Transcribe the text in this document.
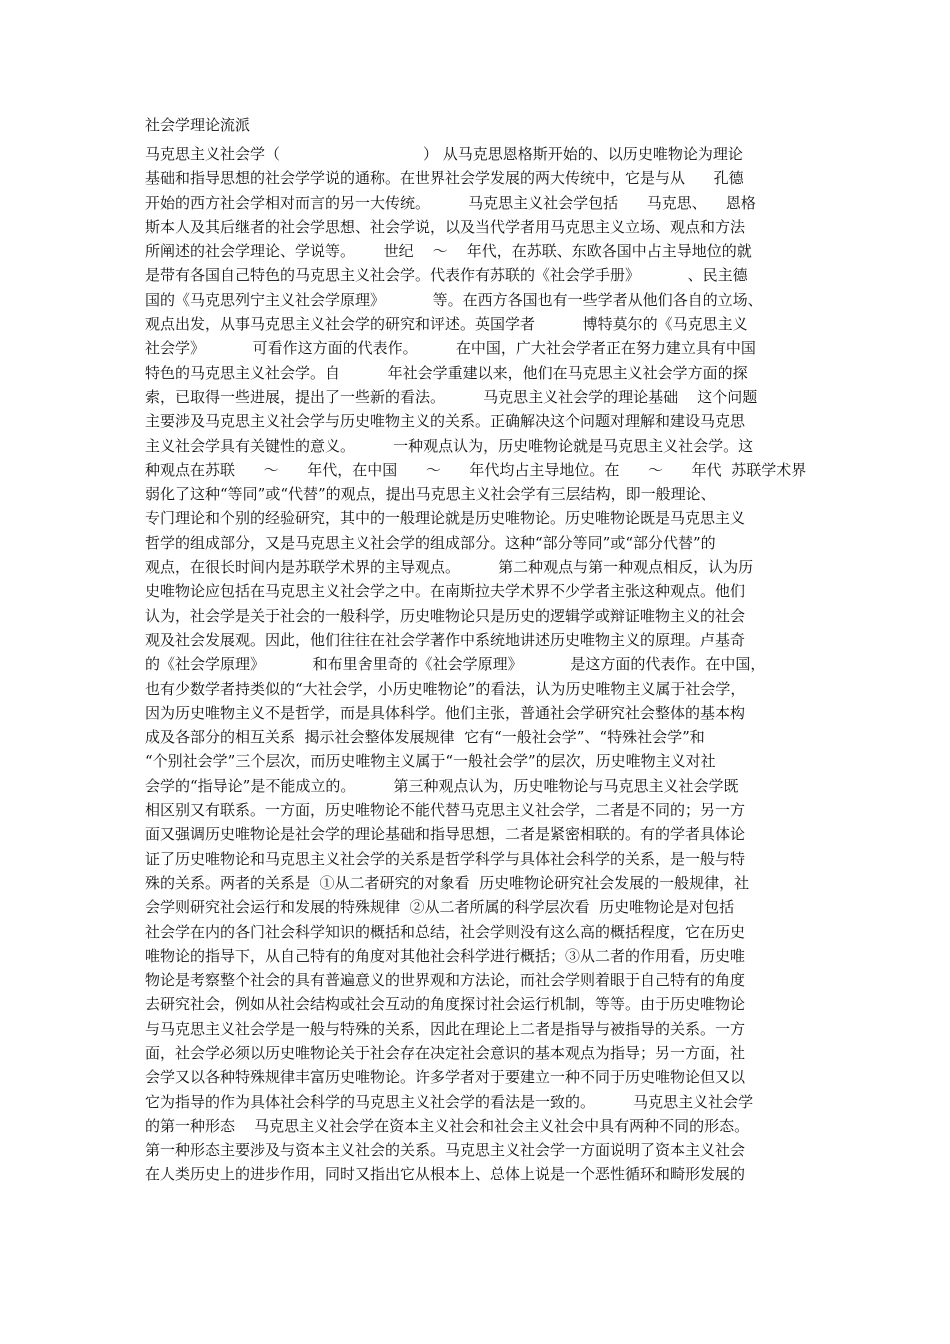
社会学理论流派
马克思主义社会学（                              ） 从马克思恩格斯开始的、以历史唯物论为理论
基础和指导思想的社会学学说的通称。在世界社会学发展的两大传统中，它是与从      孔德
开始的西方社会学相对而言的另一大传统。        马克思主义社会学包括      马克思、    恩格
斯本人及其后继者的社会学思想、社会学说，以及当代学者用马克思主义立场、观点和方法
所阐述的社会学理论、学说等。      世纪    ～    年代，在苏联、东欧各国中占主导地位的就
是带有各国自己特色的马克思主义社会学。代表作有苏联的《社会学手册》          、民主德
国的《马克思列宁主义社会学原理》          等。在西方各国也有一些学者从他们各自的立场、
观点出发，从事马克思主义社会学的研究和评述。英国学者          博特莫尔的《马克思主义
社会学》          可看作这方面的代表作。        在中国，广大社会学者正在努力建立具有中国
特色的马克思主义社会学。自          年社会学重建以来，他们在马克思主义社会学方面的探
索，已取得一些进展，提出了一些新的看法。        马克思主义社会学的理论基础    这个问题
主要涉及马克思主义社会学与历史唯物主义的关系。正确解决这个问题对理解和建设马克思
主义社会学具有关键性的意义。        一种观点认为，历史唯物论就是马克思主义社会学。这
种观点在苏联      ～      年代，在中国      ～      年代均占主导地位。在      ～      年代  苏联学术界
弱化了这种“等同”或“代替”的观点，提出马克思主义社会学有三层结构，即一般理论、
专门理论和个别的经验研究，其中的一般理论就是历史唯物论。历史唯物论既是马克思主义
哲学的组成部分，又是马克思主义社会学的组成部分。这种“部分等同”或“部分代替”的
观点，在很长时间内是苏联学术界的主导观点。        第二种观点与第一种观点相反，认为历
史唯物论应包括在马克思主义社会学之中。在南斯拉夫学术界不少学者主张这种观点。他们
认为，社会学是关于社会的一般科学，历史唯物论只是历史的逻辑学或辩证唯物主义的社会
观及社会发展观。因此，他们往往在社会学著作中系统地讲述历史唯物主义的原理。卢基奇
的《社会学原理》          和布里舍里奇的《社会学原理》          是这方面的代表作。在中国，
也有少数学者持类似的“大社会学，小历史唯物论”的看法，认为历史唯物主义属于社会学，
因为历史唯物主义不是哲学，而是具体科学。他们主张，普通社会学研究社会整体的基本构
成及各部分的相互关系  揭示社会整体发展规律  它有“一般社会学”、“特殊社会学”和
“个别社会学”三个层次，而历史唯物主义属于“一般社会学”的层次，历史唯物主义对社
会学的“指导论”是不能成立的。        第三种观点认为，历史唯物论与马克思主义社会学既
相区别又有联系。一方面，历史唯物论不能代替马克思主义社会学，二者是不同的；另一方
面又强调历史唯物论是社会学的理论基础和指导思想，二者是紧密相联的。有的学者具体论
证了历史唯物论和马克思主义社会学的关系是哲学科学与具体社会科学的关系，是一般与特
殊的关系。两者的关系是  ①从二者研究的对象看  历史唯物论研究社会发展的一般规律，社
会学则研究社会运行和发展的特殊规律  ②从二者所属的科学层次看  历史唯物论是对包括
社会学在内的各门社会科学知识的概括和总结，社会学则没有这么高的概括程度，它在历史
唯物论的指导下，从自己特有的角度对其他社会科学进行概括；③从二者的作用看，历史唯
物论是考察整个社会的具有普遍意义的世界观和方法论，而社会学则着眼于自己特有的角度
去研究社会，例如从社会结构或社会互动的角度探讨社会运行机制，等等。由于历史唯物论
与马克思主义社会学是一般与特殊的关系，因此在理论上二者是指导与被指导的关系。一方
面，社会学必须以历史唯物论关于社会存在决定社会意识的基本观点为指导；另一方面，社
会学又以各种特殊规律丰富历史唯物论。许多学者对于要建立一种不同于历史唯物论但又以
它为指导的作为具体社会科学的马克思主义社会学的看法是一致的。        马克思主义社会学
的第一种形态    马克思主义社会学在资本主义社会和社会主义社会中具有两种不同的形态。
第一种形态主要涉及与资本主义社会的关系。马克思主义社会学一方面说明了资本主义社会
在人类历史上的进步作用，同时又指出它从根本上、总体上说是一个恶性循环和畸形发展的
